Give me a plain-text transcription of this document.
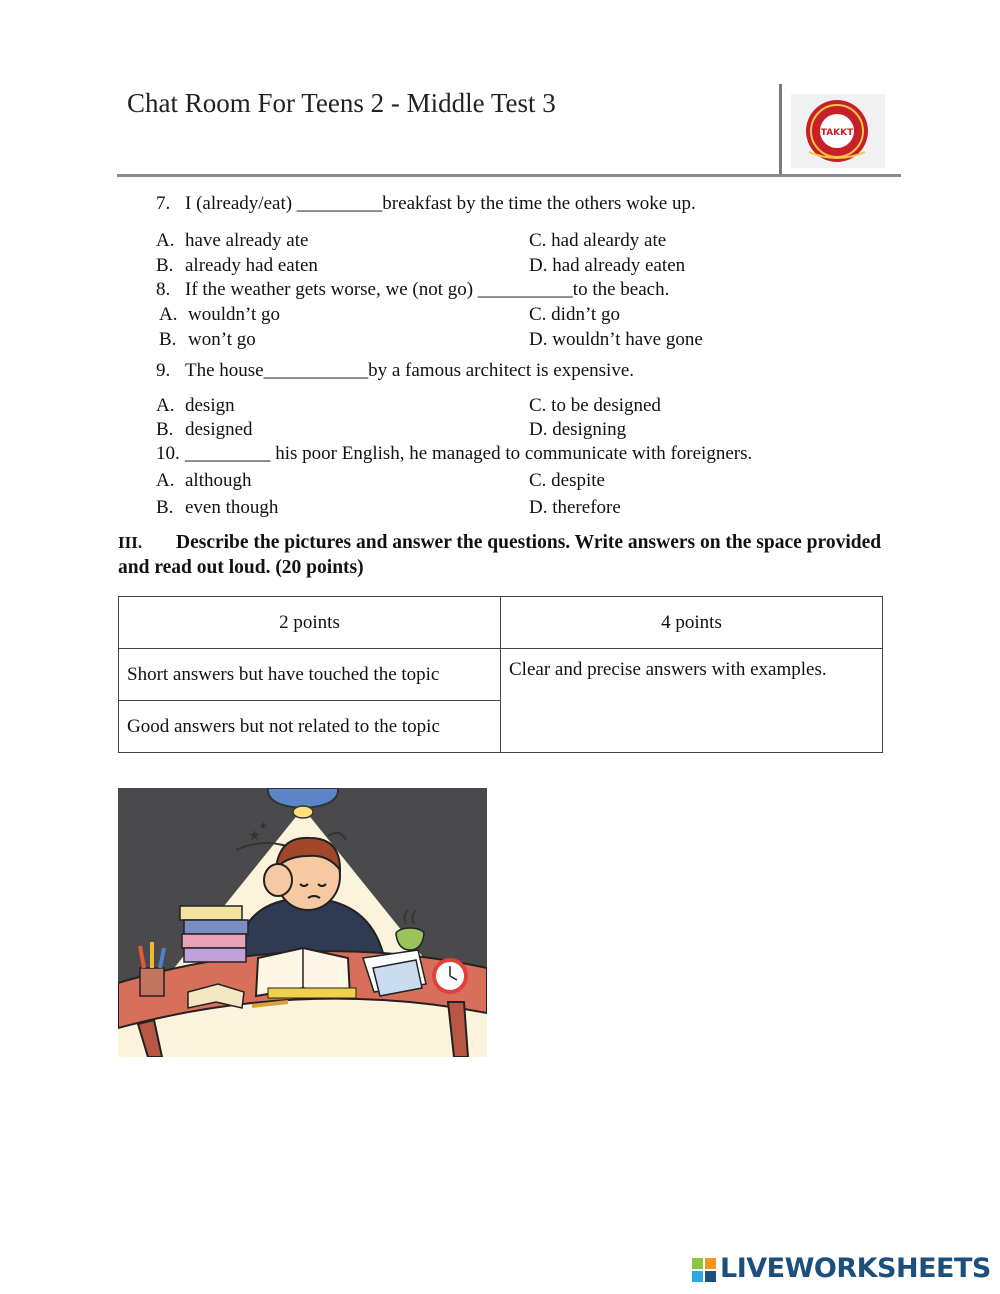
Chat Room For Teens 2 - Middle Test 3
TAKKT
7. I (already/eat) _________breakfast by the time the others woke up.
A. have already ate	C. had aleardy ate
B. already had eaten	D. had already eaten
8. If the weather gets worse, we (not go) __________to the beach.
A. wouldn’t go	C. didn’t go
B. won’t go	D. wouldn’t have gone
9. The house___________by a famous architect is expensive.
A. design	C. to be designed
B. designed	D. designing
10. _________ his poor English, he managed to communicate with foreigners.
A. although	C. despite
B. even though	D. therefore
III. Describe the pictures and answer the questions. Write answers on the space provided and read out loud. (20 points)
2 points	4 points
Short answers but have touched the topic	Clear and precise answers with examples.
Good answers but not related to the topic	
★
✦
LIVEWORKSHEETS
